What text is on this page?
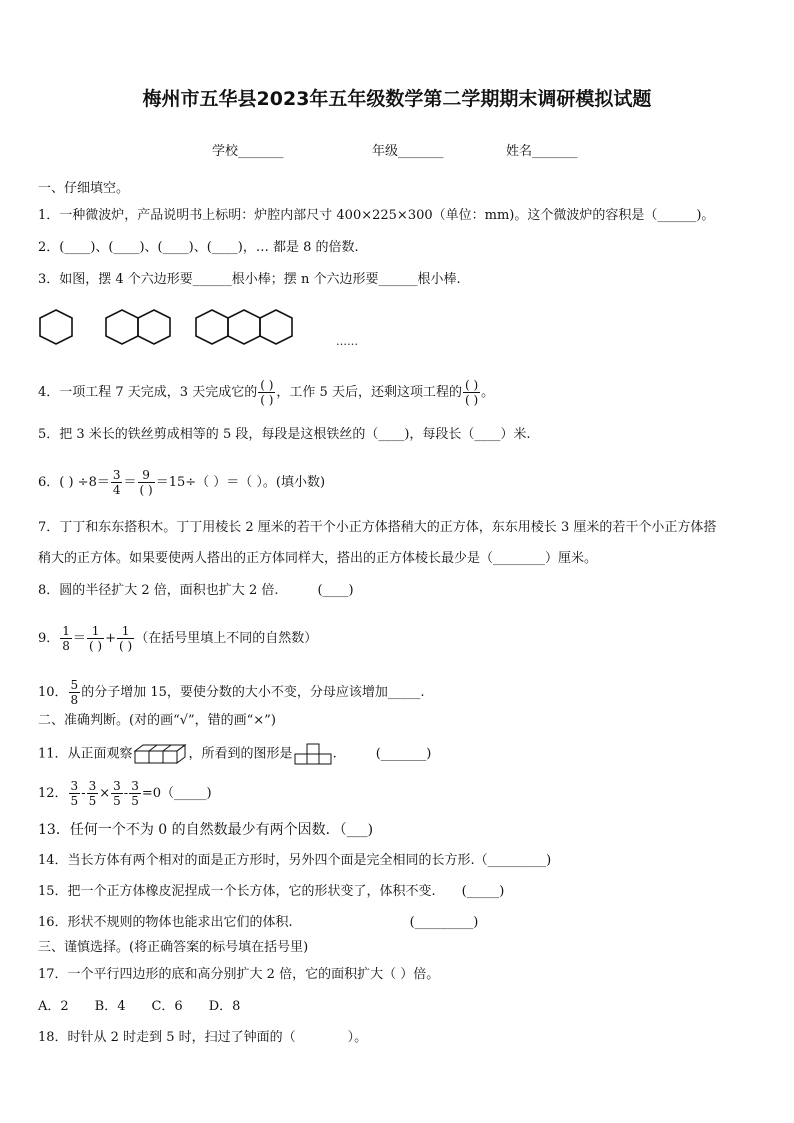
梅州市五华县2023年五年级数学第二学期期末调研模拟试题
学校_______	年级_______	姓名_______
一、仔细填空。
1．一种微波炉，产品说明书上标明：炉腔内部尺寸 400×225×300（单位：mm)。这个微波炉的容积是（______)。
2．(____)、(____)、(____)、(____)，… 都是 8 的倍数.
3．如图，摆 4 个六边形要______根小棒；摆 n 个六边形要______根小棒.
……
4．一项工程 7 天完成，3 天完成它的 $\frac{( )}{( )}$ ，工作 5 天后，还剩这项工程的 $\frac{( )}{( )}$ 。
5．把 3 米长的铁丝剪成相等的 5 段，每段是这根铁丝的（____)，每段长（____）米.
6．( ) $\div 8= \frac{3}{4} = \frac{9}{( )} =15\div$（ ）＝（ ）。(填小数)
7．丁丁和东东搭积木。丁丁用棱长 2 厘米的若干个小正方体搭稍大的正方体，东东用棱长 3 厘米的若干个小正方体搭
稍大的正方体。如果要使两人搭出的正方体同样大，搭出的正方体棱长最少是（________）厘米。
8．圆的半径扩大 2 倍，面积也扩大 2 倍.　　　(____)
9． $\frac{1}{8} = \frac{1}{( )} + \frac{1}{( )}$ （在括号里填上不同的自然数）
10． $\frac{5}{8}$ 的分子增加 15，要使分数的大小不变，分母应该增加_____.
二、准确判断。(对的画“√”，错的画“×”)
11．从正面观察	，所看到的图形是	.　　　(_______)
12． $\frac{3}{5} - \frac{3}{5} \times \frac{3}{5} - \frac{3}{5}$ =0（_____)
13．任何一个不为 0 的自然数最少有两个因数．（___)
14．当长方体有两个相对的面是正方形时，另外四个面是完全相同的长方形.（_________)
15．把一个正方体橡皮泥捏成一个长方体，它的形状变了，体积不变.　　(_____)
16．形状不规则的物体也能求出它们的体积.　　　　　　　　　(_________)
三、谨慎选择。(将正确答案的标号填在括号里)
17．一个平行四边形的底和高分别扩大 2 倍，它的面积扩大（ ）倍。
A．2　　B．4　　C．6　　D．8
18．时针从 2 时走到 5 时，扫过了钟面的（　　　　）。
